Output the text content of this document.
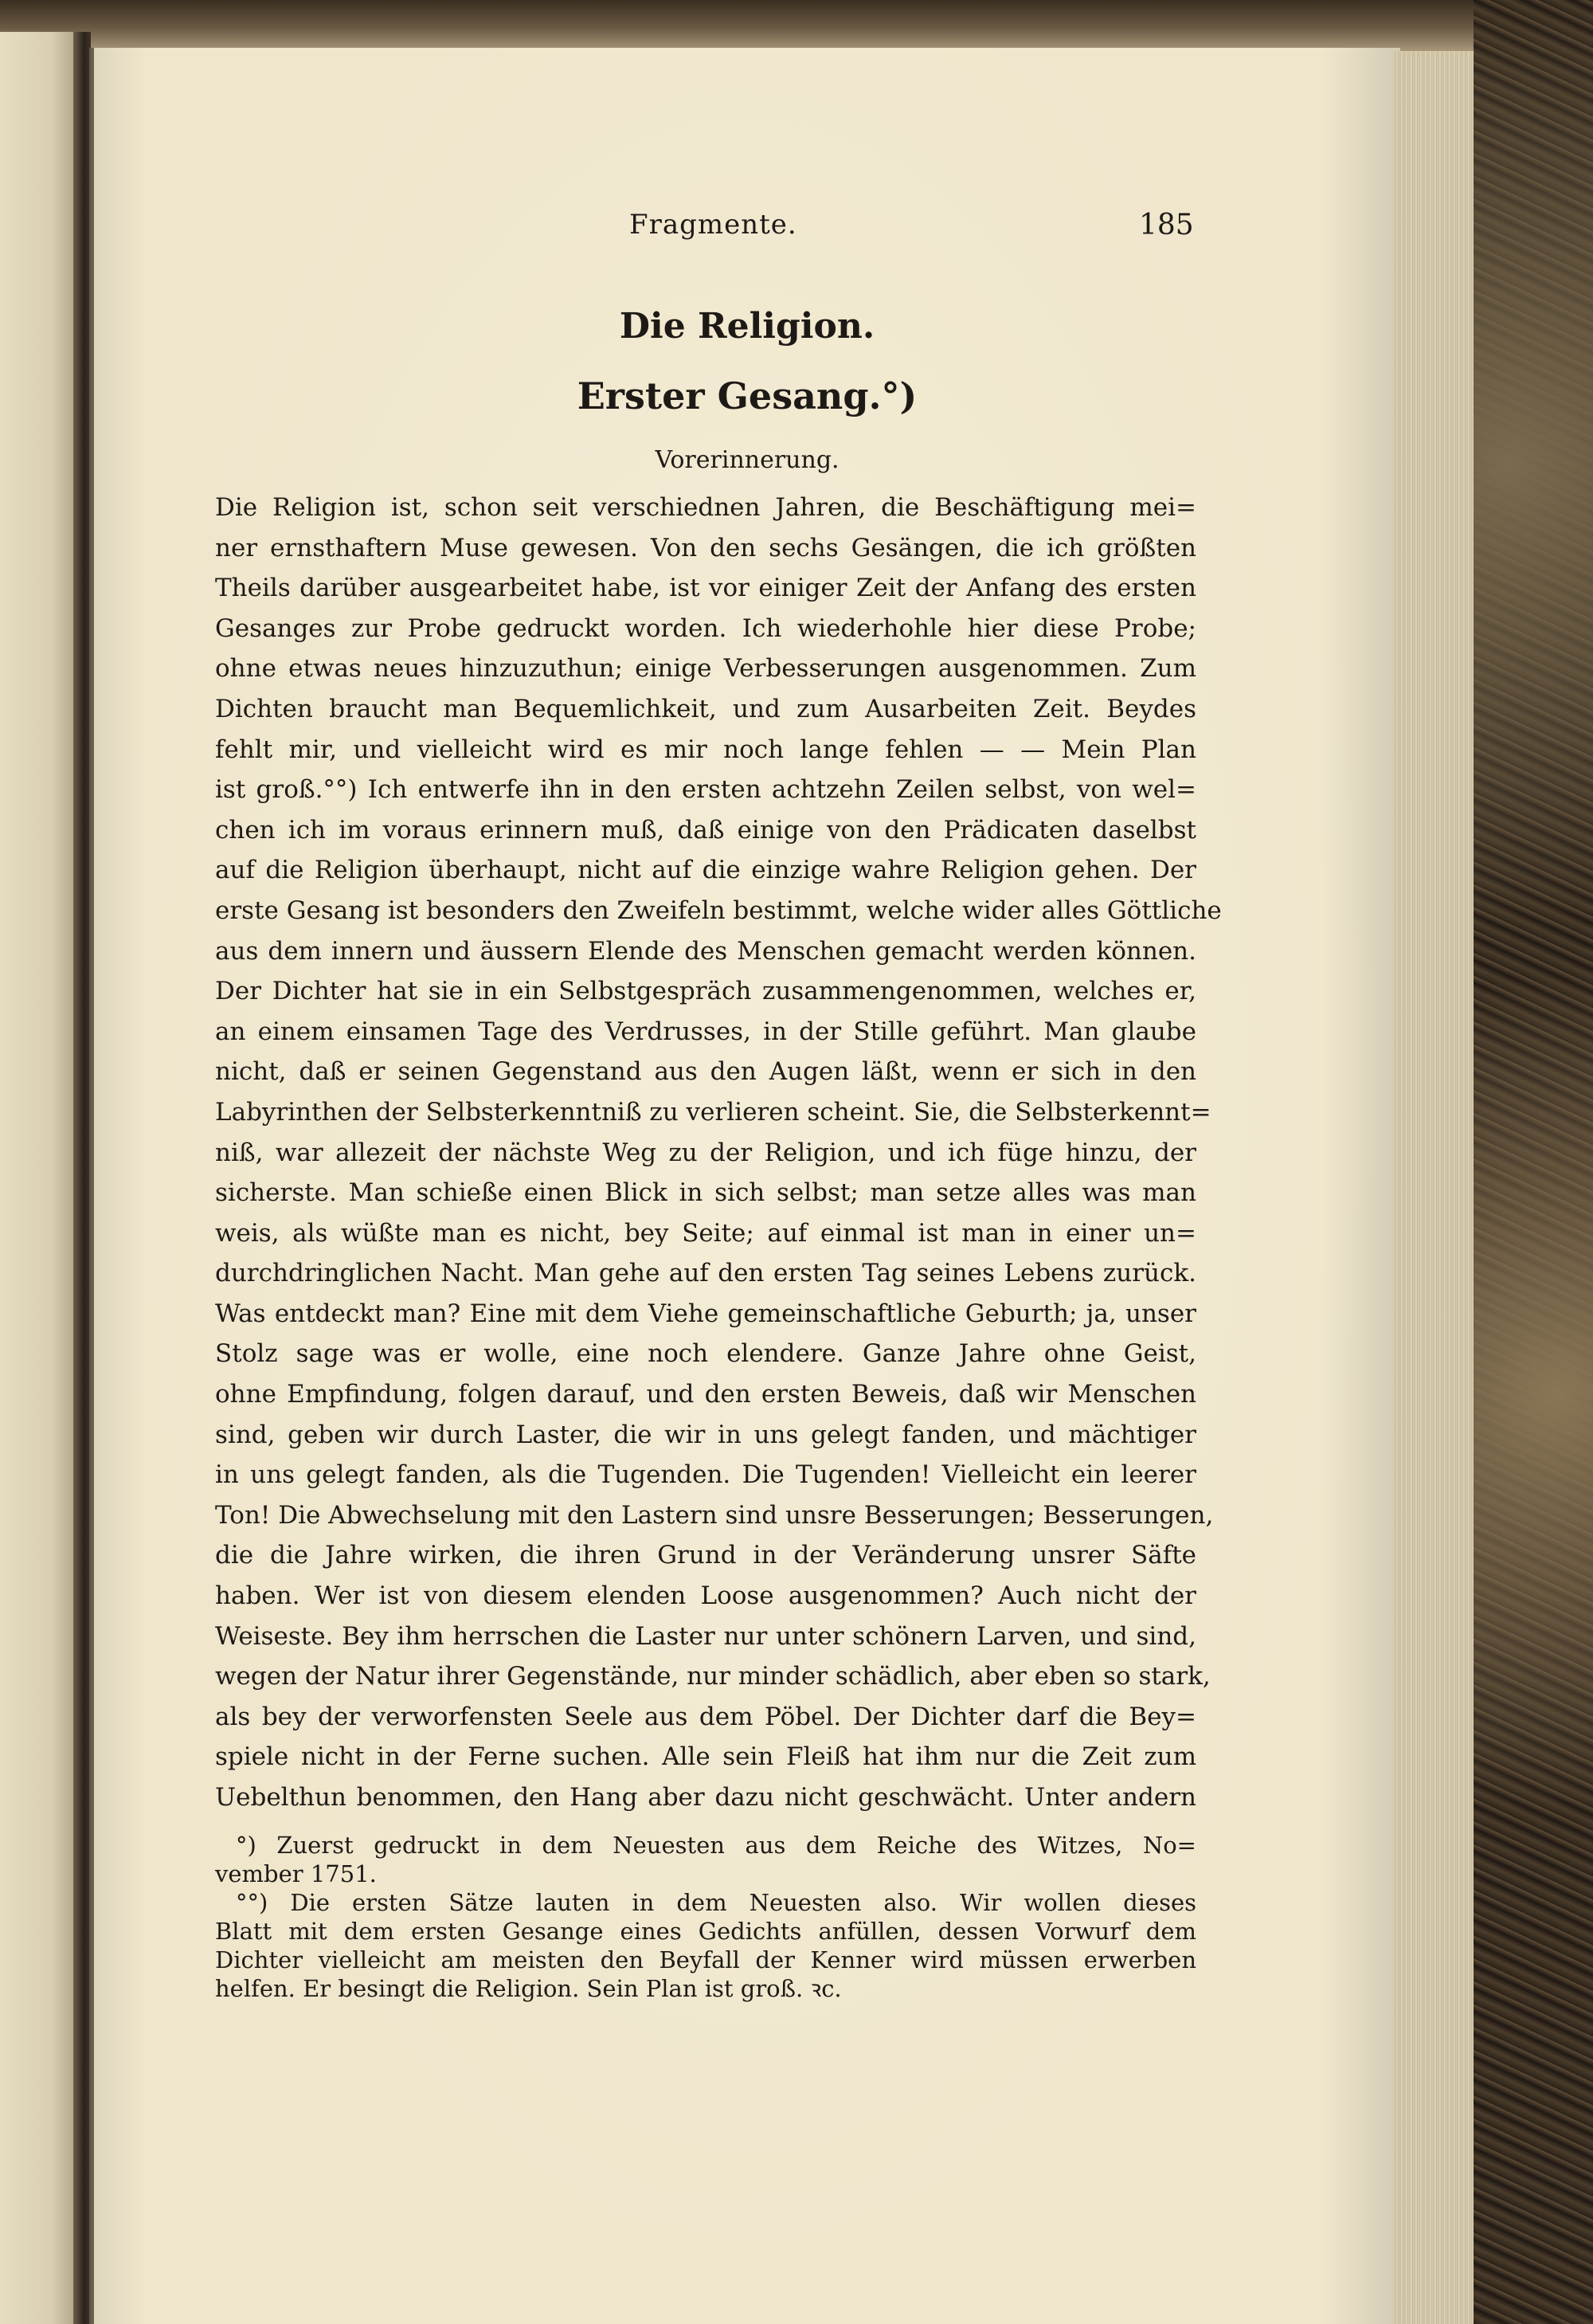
Fragmente.	185
Die Religion.
Erster Gesang.°)
Vorerinnerung.
Die Religion ist, schon seit verschiednen Jahren, die Beschäftigung mei=
ner ernsthaftern Muse gewesen. Von den sechs Gesängen, die ich größten
Theils darüber ausgearbeitet habe, ist vor einiger Zeit der Anfang des ersten
Gesanges zur Probe gedruckt worden. Ich wiederhohle hier diese Probe;
ohne etwas neues hinzuzuthun; einige Verbesserungen ausgenommen. Zum
Dichten braucht man Bequemlichkeit, und zum Ausarbeiten Zeit. Beydes
fehlt mir, und vielleicht wird es mir noch lange fehlen — — Mein Plan
ist groß.°°) Ich entwerfe ihn in den ersten achtzehn Zeilen selbst, von wel=
chen ich im voraus erinnern muß, daß einige von den Prädicaten daselbst
auf die Religion überhaupt, nicht auf die einzige wahre Religion gehen. Der
erste Gesang ist besonders den Zweifeln bestimmt, welche wider alles Göttliche
aus dem innern und äussern Elende des Menschen gemacht werden können.
Der Dichter hat sie in ein Selbstgespräch zusammengenommen, welches er,
an einem einsamen Tage des Verdrusses, in der Stille geführt. Man glaube
nicht, daß er seinen Gegenstand aus den Augen läßt, wenn er sich in den
Labyrinthen der Selbsterkenntniß zu verlieren scheint. Sie, die Selbsterkennt=
niß, war allezeit der nächste Weg zu der Religion, und ich füge hinzu, der
sicherste. Man schieße einen Blick in sich selbst; man setze alles was man
weis, als wüßte man es nicht, bey Seite; auf einmal ist man in einer un=
durchdringlichen Nacht. Man gehe auf den ersten Tag seines Lebens zurück.
Was entdeckt man? Eine mit dem Viehe gemeinschaftliche Geburth; ja, unser
Stolz sage was er wolle, eine noch elendere. Ganze Jahre ohne Geist,
ohne Empfindung, folgen darauf, und den ersten Beweis, daß wir Menschen
sind, geben wir durch Laster, die wir in uns gelegt fanden, und mächtiger
in uns gelegt fanden, als die Tugenden. Die Tugenden! Vielleicht ein leerer
Ton! Die Abwechselung mit den Lastern sind unsre Besserungen; Besserungen,
die die Jahre wirken, die ihren Grund in der Veränderung unsrer Säfte
haben. Wer ist von diesem elenden Loose ausgenommen? Auch nicht der
Weiseste. Bey ihm herrschen die Laster nur unter schönern Larven, und sind,
wegen der Natur ihrer Gegenstände, nur minder schädlich, aber eben so stark,
als bey der verworfensten Seele aus dem Pöbel. Der Dichter darf die Bey=
spiele nicht in der Ferne suchen. Alle sein Fleiß hat ihm nur die Zeit zum
Uebelthun benommen, den Hang aber dazu nicht geschwächt. Unter andern
°) Zuerst gedruckt in dem Neuesten aus dem Reiche des Witzes, No=
vember 1751.
°°) Die ersten Sätze lauten in dem Neuesten also. Wir wollen dieses
Blatt mit dem ersten Gesange eines Gedichts anfüllen, dessen Vorwurf dem
Dichter vielleicht am meisten den Beyfall der Kenner wird müssen erwerben
helfen. Er besingt die Religion. Sein Plan ist groß. ꝛc.
